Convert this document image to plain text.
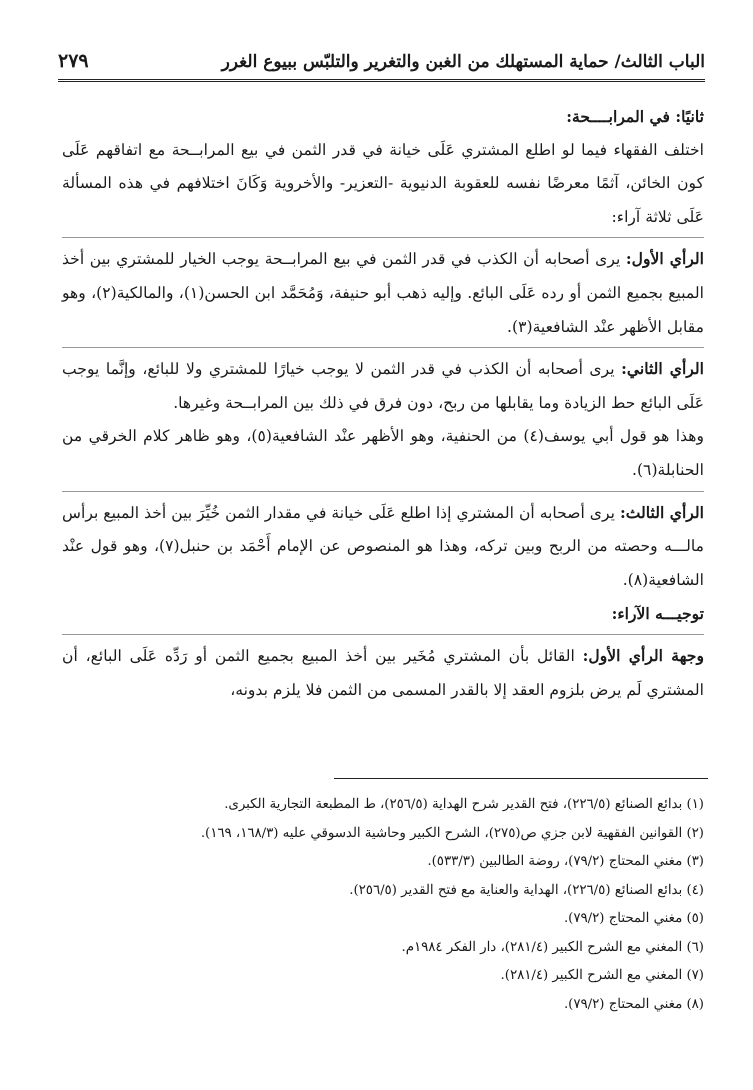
الباب الثالث/ حماية المستهلك من الغبن والتغرير والتلبّس ببيوع الغرر
٢٧٩

ثانيًا: في المرابــــحة:

اختلف الفقهاء فيما لو اطلع المشتري عَلَى خيانة في قدر الثمن في بيع المرابــحة مع اتفاقهم عَلَى كون الخائن، آثمًا معرضًا نفسه للعقوبة الدنيوية -التعزير- والأخروية وَكَانَ اختلافهم في هذه المسألة عَلَى ثلاثة آراء:

الرأي الأول: يرى أصحابه أن الكذب في قدر الثمن في بيع المرابــحة يوجب الخيار للمشتري بين أخذ المبيع بجميع الثمن أو رده عَلَى البائع. وإليه ذهب أبو حنيفة، وَمُحَمَّد ابن الحسن(١)، والمالكية(٢)، وهو مقابل الأظهر عنْد الشافعية(٣).

الرأي الثاني: يرى أصحابه أن الكذب في قدر الثمن لا يوجب خيارًا للمشتري ولا للبائع، وإنَّما يوجب عَلَى البائع حط الزيادة وما يقابلها من ربح، دون فرق في ذلك بين المرابــحة وغيرها.

وهذا هو قول أبي يوسف(٤) من الحنفية، وهو الأظهر عنْد الشافعية(٥)، وهو ظاهر كلام الخرقي من الحنابلة(٦).

الرأي الثالث: يرى أصحابه أن المشتري إذا اطلع عَلَى خيانة في مقدار الثمن خُيِّرَ بين أخذ المبيع برأس مالـــه وحصته من الربح وبين تركه، وهذا هو المنصوص عن الإمام أَحْمَد بن حنبل(٧)، وهو قول عنْد الشافعية(٨).

توجيـــه الآراء:

وجهة الرأي الأول: القائل بأن المشتري مُخَير بين أخذ المبيع بجميع الثمن أو رَدِّه عَلَى البائع، أن المشتري لَم يرض بلزوم العقد إلا بالقدر المسمى من الثمن فلا يلزم بدونه،

(١) بدائع الصنائع (٢٢٦/٥)، فتح القدير شرح الهداية (٢٥٦/٥)، ط المطبعة التجارية الكبرى.

(٢) القوانين الفقهية لابن جزي ص(٢٧٥)، الشرح الكبير وحاشية الدسوقي عليه (١٦٨/٣، ١٦٩).

(٣) مغني المحتاج (٧٩/٢)، روضة الطالبين (٥٣٣/٣).

(٤) بدائع الصنائع (٢٢٦/٥)، الهداية والعناية مع فتح القدير (٢٥٦/٥).

(٥) مغني المحتاج (٧٩/٢).

(٦) المغني مع الشرح الكبير (٢٨١/٤)، دار الفكر ١٩٨٤م.

(٧) المغني مع الشرح الكبير (٢٨١/٤).

(٨) مغني المحتاج (٧٩/٢).
